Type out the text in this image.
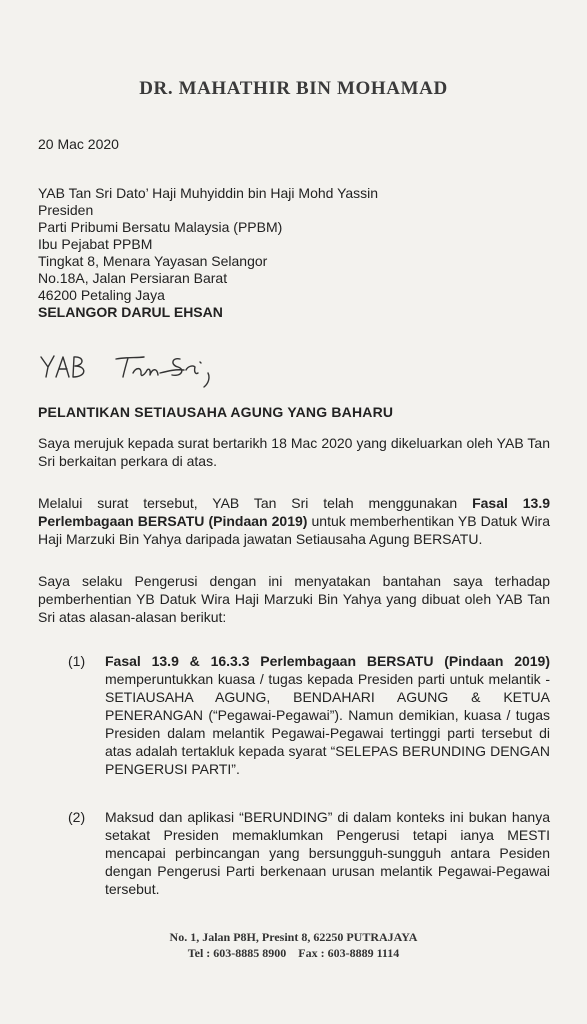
DR. MAHATHIR BIN MOHAMAD
20 Mac 2020
YAB Tan Sri Dato’ Haji Muhyiddin bin Haji Mohd Yassin
Presiden
Parti Pribumi Bersatu Malaysia (PPBM)
Ibu Pejabat PPBM
Tingkat 8, Menara Yayasan Selangor
No.18A, Jalan Persiaran Barat
46200 Petaling Jaya
SELANGOR DARUL EHSAN
PELANTIKAN SETIAUSAHA AGUNG YANG BAHARU

Saya merujuk kepada surat bertarikh 18 Mac 2020 yang dikeluarkan oleh YAB Tan Sri berkaitan perkara di atas.

Melalui surat tersebut, YAB Tan Sri telah menggunakan Fasal 13.9 Perlembagaan BERSATU (Pindaan 2019) untuk memberhentikan YB Datuk Wira Haji Marzuki Bin Yahya daripada jawatan Setiausaha Agung BERSATU.

Saya selaku Pengerusi dengan ini menyatakan bantahan saya terhadap pemberhentian YB Datuk Wira Haji Marzuki Bin Yahya yang dibuat oleh YAB Tan Sri atas alasan-alasan berikut:

(1) Fasal 13.9 & 16.3.3 Perlembagaan BERSATU (Pindaan 2019) memperuntukkan kuasa / tugas kepada Presiden parti untuk melantik - SETIAUSAHA AGUNG, BENDAHARI AGUNG & KETUA PENERANGAN (“Pegawai-Pegawai”). Namun demikian, kuasa / tugas Presiden dalam melantik Pegawai-Pegawai tertinggi parti tersebut di atas adalah tertakluk kepada syarat “SELEPAS BERUNDING DENGAN PENGERUSI PARTI”.
(2) Maksud dan aplikasi “BERUNDING” di dalam konteks ini bukan hanya setakat Presiden memaklumkan Pengerusi tetapi ianya MESTI mencapai perbincangan yang bersungguh-sungguh antara Pesiden dengan Pengerusi Parti berkenaan urusan melantik Pegawai-Pegawai tersebut.
No. 1, Jalan P8H, Presint 8, 62250 PUTRAJAYA
Tel : 603-8885 8900    Fax : 603-8889 1114
